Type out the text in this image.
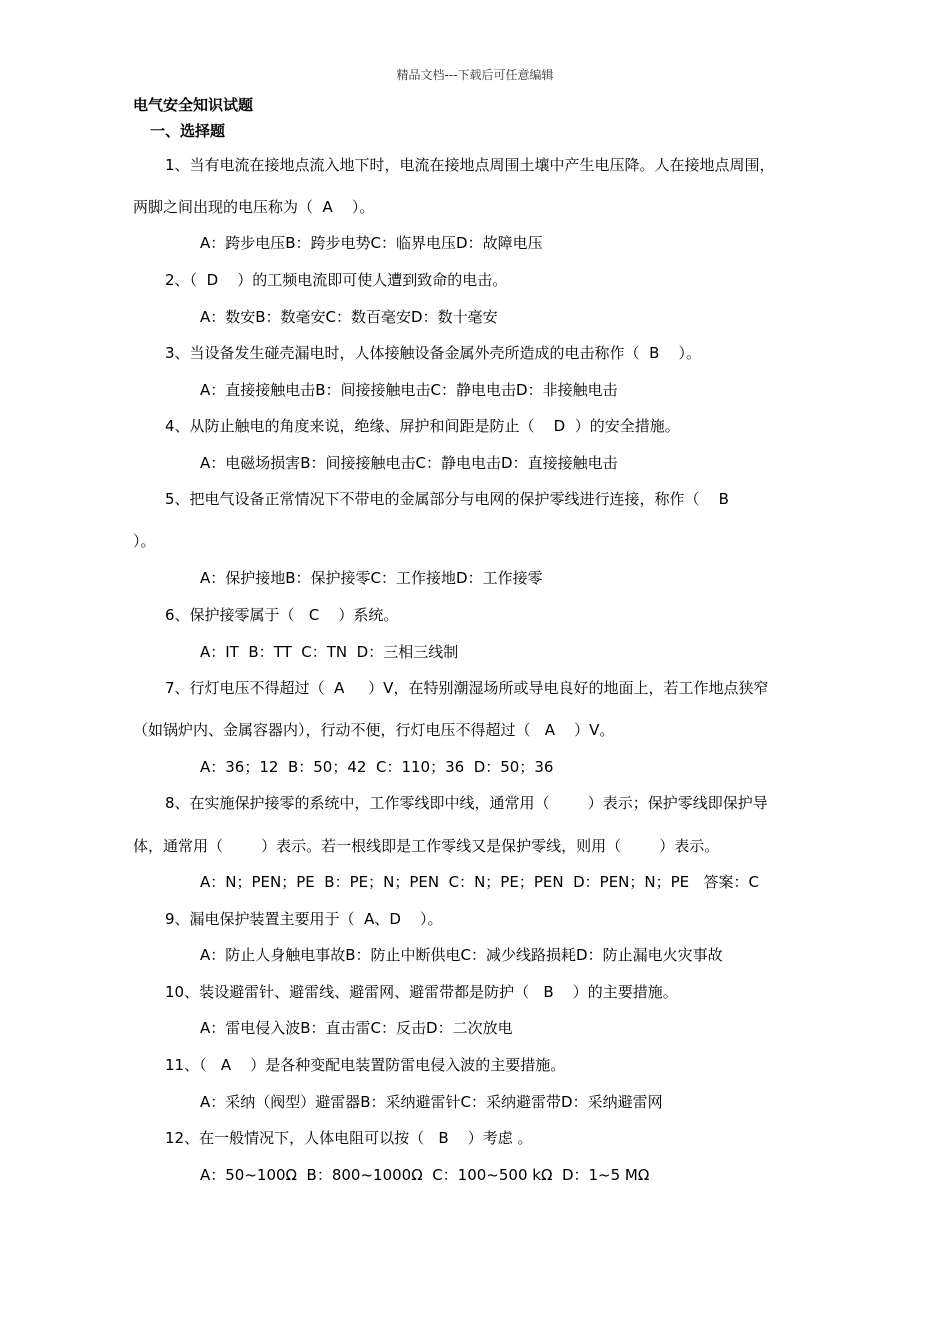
精品文档---下载后可任意编辑
电气安全知识试题
一、选择题
1、当有电流在接地点流入地下时，电流在接地点周围土壤中产生电压降。人在接地点周围，
两脚之间出现的电压称为（  A    ）。
A：跨步电压B：跨步电势C：临界电压D：故障电压
2、（  D    ）的工频电流即可使人遭到致命的电击。
A：数安B：数毫安C：数百毫安D：数十毫安
3、当设备发生碰壳漏电时，人体接触设备金属外壳所造成的电击称作（  B    ）。
A：直接接触电击B：间接接触电击C：静电电击D：非接触电击
4、从防止触电的角度来说，绝缘、屏护和间距是防止（    D  ）的安全措施。
A：电磁场损害B：间接接触电击C：静电电击D：直接接触电击
5、把电气设备正常情况下不带电的金属部分与电网的保护零线进行连接，称作（    B
）。
A：保护接地B：保护接零C：工作接地D：工作接零
6、保护接零属于（   C    ）系统。
A：IT  B：TT  C：TN  D：三相三线制
7、行灯电压不得超过（  A     ）V，在特别潮湿场所或导电良好的地面上，若工作地点狭窄
（如锅炉内、金属容器内），行动不便，行灯电压不得超过（   A    ）V。
A：36；12  B：50；42  C：110；36  D：50；36
8、在实施保护接零的系统中，工作零线即中线，通常用（        ）表示；保护零线即保护导
体，通常用（        ）表示。若一根线即是工作零线又是保护零线，则用（        ）表示。
A：N；PEN；PE  B：PE；N；PEN  C：N；PE；PEN  D：PEN；N；PE   答案：C
9、漏电保护装置主要用于（  A、D    ）。
A：防止人身触电事故B：防止中断供电C：减少线路损耗D：防止漏电火灾事故
10、装设避雷针、避雷线、避雷网、避雷带都是防护（   B    ）的主要措施。
A：雷电侵入波B：直击雷C：反击D：二次放电
11、（   A    ）是各种变配电装置防雷电侵入波的主要措施。
A：采纳（阀型）避雷器B：采纳避雷针C：采纳避雷带D：采纳避雷网
12、在一般情况下，人体电阻可以按（   B    ）考虑 。
A：50~100Ω  B：800~1000Ω  C：100~500 kΩ  D：1~5 MΩ
